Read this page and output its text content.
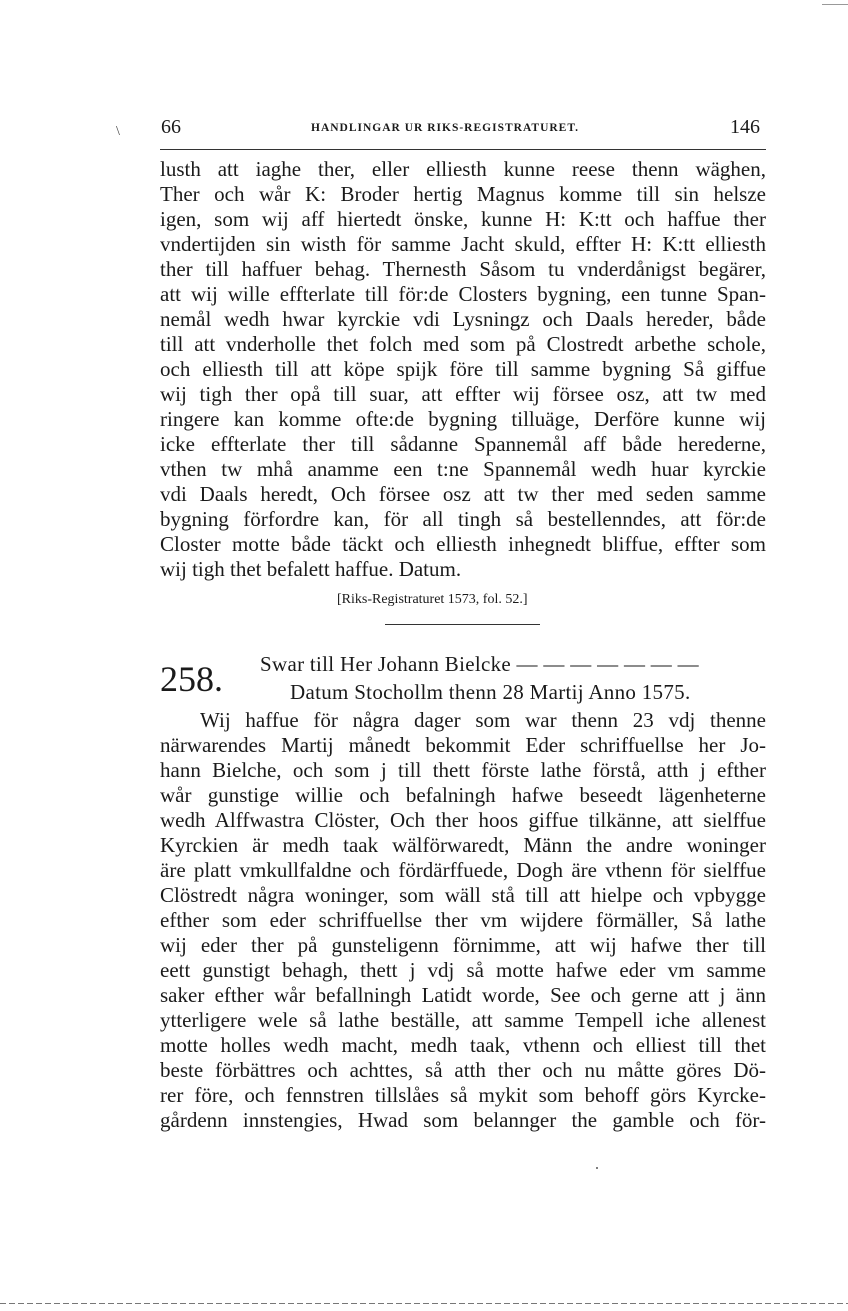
\ 66	HANDLINGAR UR RIKS-REGISTRATURET.	146
lusth att iaghe ther, eller elliesth kunne reese thenn wäghen,
Ther och wår K: Broder hertig Magnus komme till sin helsze
igen, som wij aff hiertedt önske, kunne H: K:tt och haffue ther
vndertijden sin wisth för samme Jacht skuld, effter H: K:tt elliesth
ther till haffuer behag. Thernesth Såsom tu vnderdånigst begärer,
att wij wille effterlate till för:de Closters bygning, een tunne Span-
nemål wedh hwar kyrckie vdi Lysningz och Daals hereder, både
till att vnderholle thet folch med som på Clostredt arbethe schole,
och elliesth till att köpe spijk före till samme bygning Så giffue
wij tigh ther opå till suar, att effter wij försee osz, att tw med
ringere kan komme ofte:de bygning tilluäge, Derföre kunne wij
icke effterlate ther till sådanne Spannemål aff både herederne,
vthen tw mhå anamme een t:ne Spannemål wedh huar kyrckie
vdi Daals heredt, Och försee osz att tw ther med seden samme
bygning förfordre kan, för all tingh så bestellenndes, att för:de
Closter motte både täckt och elliesth inhegnedt bliffue, effter som
wij tigh thet befalett haffue. Datum.
[Riks-Registraturet 1573, fol. 52.]
258. Swar till Her Johann Bielcke — — — — — — —
Datum Stochollm thenn 28 Martij Anno 1575.
Wij haffue för några dager som war thenn 23 vdj thenne
närwarendes Martij månedt bekommit Eder schriffuellse her Jo-
hann Bielche, och som j till thett förste lathe förstå, atth j efther
wår gunstige willie och befalningh hafwe beseedt lägenheterne
wedh Alffwastra Clöster, Och ther hoos giffue tilkänne, att sielffue
Kyrckien är medh taak wälförwaredt, Männ the andre woninger
äre platt vmkullfaldne och fördärffuede, Dogh äre vthenn för sielffue
Clöstredt några woninger, som wäll stå till att hielpe och vpbygge
efther som eder schriffuellse ther vm wijdere förmäller, Så lathe
wij eder ther på gunsteligenn förnimme, att wij hafwe ther till
eett gunstigt behagh, thett j vdj så motte hafwe eder vm samme
saker efther wår befallningh Latidt worde, See och gerne att j änn
ytterligere wele så lathe beställe, att samme Tempell iche allenest
motte holles wedh macht, medh taak, vthenn och elliest till thet
beste förbättres och achttes, så atth ther och nu måtte göres Dö-
rer före, och fennstren tillslåes så mykit som behoff görs Kyrcke-
gårdenn innstengies, Hwad som belannger the gamble och för-
